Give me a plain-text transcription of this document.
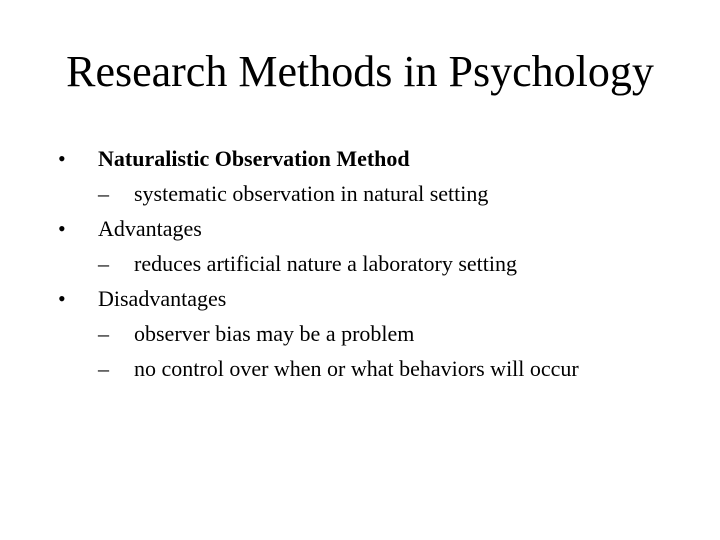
Research Methods in Psychology
• Naturalistic Observation Method
– systematic observation in natural setting
• Advantages
– reduces artificial nature a laboratory setting
• Disadvantages
– observer bias may be a problem
– no control over when or what behaviors will occur
